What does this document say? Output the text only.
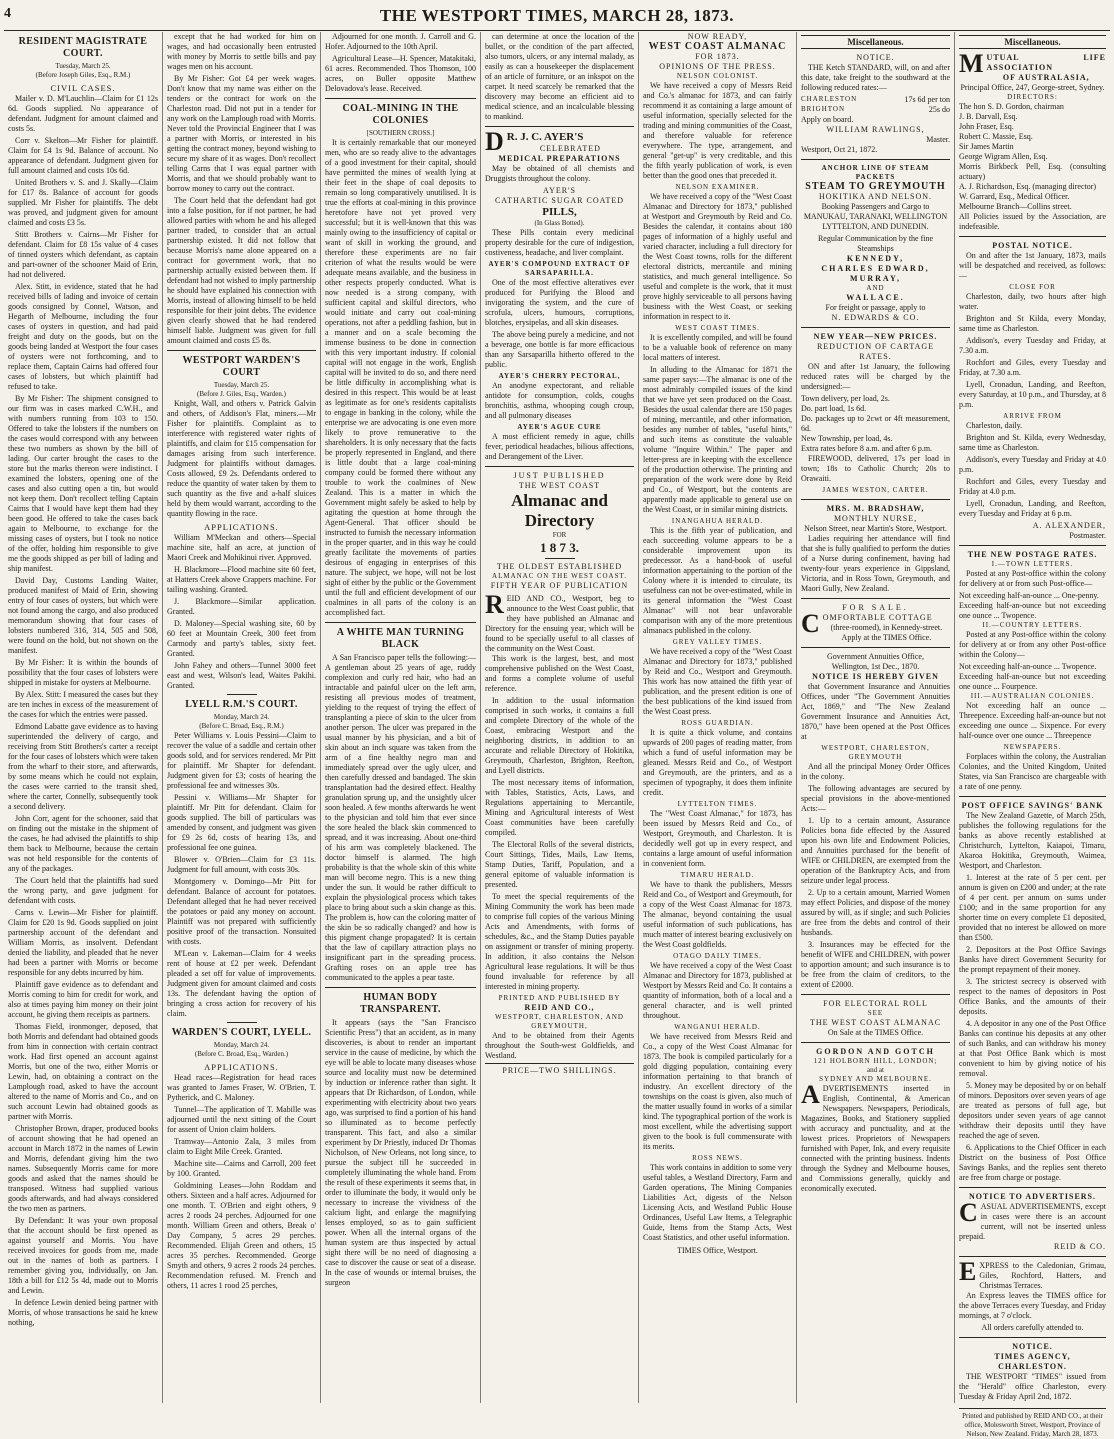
4	THE WESTPORT TIMES, MARCH 28, 1873.
RESIDENT MAGISTRATE COURT.
Tuesday, March 25.
(Before Joseph Giles, Esq., R.M.)
CIVIL CASES.

Mailer v. D. M'Lauchlin—Claim for £1 12s 6d. Goods supplied. No appearance of defendant. Judgment for amount claimed and costs 5s.

Corr v. Skelton—Mr Fisher for plaintiff. Claim for £4 1s 9d. Balance of account. No appearance of defendant. Judgment given for full amount claimed and costs 10s 6d.

United Brothers v. S. and J. Skally—Claim for £17 8s. Balance of account for goods supplied. Mr Fisher for plaintiffs. The debt was proved, and judgment given for amount claimed and costs £3 5s.

Stitt Brothers v. Cairns—Mr Fisher for defendant. Claim for £8 15s value of 4 cases of tinned oysters which defendant, as captain and part-owner of the schooner Maid of Erin, had not delivered.

Alex. Stitt, in evidence, stated that he had received bills of lading and invoice of certain goods consigned by Connel, Watson, and Hegarth of Melbourne, including the four cases of oysters in question, and had paid freight and duty on the goods, but on the goods being landed at Westport the four cases of oysters were not forthcoming, and to replace them, Captain Cairns had offered four cases of lobsters, but which plaintiff had refused to take.

By Mr Fisher: The shipment consigned to our firm was in cases marked C.W.H., and with numbers running from 103 to 150. Offered to take the lobsters if the numbers on the cases would correspond with any between these two numbers as shown by the bill of lading. Our carter brought the cases to the store but the marks thereon were indistinct. I examined the lobsters, opening one of the cases and also cutting open a tin, but would not keep them. Don't recollect telling Captain Cairns that I would have kept them had they been good. He offered to take the cases back again to Melbourne, to exchange for the missing cases of oysters, but I took no notice of the offer, holding him responsible to give me the goods shipped as per bill of lading and ship manifest.

David Day, Customs Landing Waiter, produced manifest of Maid of Erin, showing entry of four cases of oysters, but which were not found among the cargo, and also produced memorandum showing that four cases of lobsters numbered 316, 314, 505 and 508, were found on the hold, but not shown on the manifest.

By Mr Fisher: It is within the bounds of possibility that the four cases of lobsters were shipped in mistake for oysters at Melbourne.

By Alex. Stitt: I measured the cases but they are ten inches in excess of the measurement of the cases for which the entries were passed.

Edmond Labatte gave evidence as to having superintended the delivery of cargo, and receiving from Stitt Brothers's carter a receipt for the four cases of lobsters which were taken from the wharf to their store, and afterwards, by some means which he could not explain, the cases were carried to the transit shed, where the carter, Connelly, subsequently took a second delivery.

John Corr, agent for the schooner, said that on finding out the mistake in the shipment of the cases, he had advised the plaintiffs to ship them back to Melbourne, because the certain was not held responsible for the contents of any of the packages.

The Court held that the plaintiffs had sued the wrong party, and gave judgment for defendant with costs.

Carns v. Lewin—Mr Fisher for plaintiff. Claim for £20 1s 9d. Goods supplied on joint partnership account of the defendant and William Morris, as insolvent. Defendant denied the liability, and pleaded that he never had been a partner with Morris or become responsible for any debts incurred by him.

Plaintiff gave evidence as to defendant and Morris coming to him for credit for work, and also at times paying him money on their joint account, he giving them receipts as partners.

Thomas Field, ironmonger, deposed, that both Morris and defendant had obtained goods from him in connection with certain contract work. Had first opened an account against Morris, but one of the two, either Morris or Lewin, had, on obtaining a contract on the Lamplough road, asked to have the account altered to the name of Morris and Co., and on such account Lewin had obtained goods as partner with Morris.

Christopher Brown, draper, produced books of account showing that he had opened an account in March 1872 in the names of Lewin and Morris, defendant giving him the two names. Subsequently Morris came for more goods and asked that the names should be transposed. Witness had supplied various goods afterwards, and had always considered the two men as partners.

By Defendant: It was your own proposal that the account should be first opened as against yourself and Morris. You have received invoices for goods from me, made out in the names of both as partners. I remember giving you, individually, on Jan. 18th a bill for £12 5s 4d, made out to Morris and Lewin.

In defence Lewin denied being partner with Morris, of whose transactions he said he knew nothing,

except that he had worked for him on wages, and had occasionally been entrusted with money by Morris to settle bills and pay wages men on his account.

By Mr Fisher: Got £4 per week wages. Don't know that my name was either on the tenders or the contract for work on the Charleston road. Did not put in a tender for any work on the Lamplough road with Morris. Never told the Provincial Engineer that I was a partner with Morris, or interested in his getting the contract money, beyond wishing to secure my share of it as wages. Don't recollect telling Carns that I was equal partner with Morris, and that we should probably want to borrow money to carry out the contract.

The Court held that the defendant had got into a false position, for if not partner, he had allowed parties with whom he and his alleged partner traded, to consider that an actual partnership existed. It did not follow that because Morris's name alone appeared on a contract for government work, that no partnership actually existed between them. If defendant had not wished to imply partnership he should have explained his connection with Morris, instead of allowing himself to be held responsible for their joint debts. The evidence given clearly showed that he had rendered himself liable. Judgment was given for full amount claimed and costs £5 8s.

WESTPORT WARDEN'S COURT
Tuesday, March 25.
(Before J. Giles, Esq., Warden.)

Knight, Wall, and others v. Patrick Galvin and others, of Addison's Flat, miners.—Mr Fisher for plaintiffs. Complaint as to interference with registered water rights of plaintiffs, and claim for £15 compensation for damages arising from such interference. Judgment for plaintiffs without damages. Costs allowed, £9 2s. Defendants ordered to reduce the quantity of water taken by them to such quantity as the five and a-half sluices held by them would warrant, according to the quantity flowing in the race.

APPLICATIONS.

William M'Meckan and others—Special machine site, half an acre, at junction of Maori Creek and Mohikinui river. Approved.

H. Blackmore—Flood machine site 60 feet, at Hatters Creek above Crappers machine. For tailing washing. Granted.

J. Blackmore—Similar application. Granted.

D. Maloney—Special washing site, 60 by 60 feet at Mountain Creek, 300 feet from Carmody and party's tables, sixty feet. Granted.

John Fahey and others—Tunnel 3000 feet east and west, Wilson's lead, Waites Pakihi. Granted.

LYELL R.M.'S COURT.
Monday, March 24.
(Before C. Broad, Esq., R.M.)

Peter Williams v. Louis Pessini—Claim to recover the value of a saddle and certain other goods sold, and for services rendered. Mr Pitt for plaintiff. Mr Shapter for defendant. Judgment given for £3; costs of hearing the professional fee and witnesses 30s.

Pessini v. Williams—Mr Shapter for plaintiff. Mr Pitt for defendant. Claim for goods supplied. The bill of particulars was amended by consent, and judgment was given for £9 2s 6d, costs of hearing 13s, and professional fee one guinea.

Blower v. O'Brien—Claim for £3 11s. Judgment for full amount, with costs 30s.

Montgomery v. Domingo—Mr Pitt for defendant. Balance of account for potatoes. Defendant alleged that he had never received the potatoes or paid any money on account. Plaintiff was not prepared with sufficiently positive proof of the transaction. Nonsuited with costs.

M'Lean v. Lakeman—Claim for 4 weeks rent of house at £2 per week. Defendant pleaded a set off for value of improvements. Judgment given for amount claimed and costs 13s. The defendant having the option of bringing a cross action for recovery of his claim.

WARDEN'S COURT, LYELL.
Monday, March 24.
(Before C. Broad, Esq., Warden.)
APPLICATIONS.

Head races—Registration for head races was granted to James Fraser, W. O'Brien, T. Pytherick, and C. Maloney.

Tunnel—The application of T. Mabille was adjourned until the next sitting of the Court for assent of Union claim holders.

Tramway—Antonio Zala, 3 miles from claim to Eight Mile Creek. Granted.

Machine site—Cairns and Carroll, 200 feet by 100. Granted.

Goldmining Leases—John Roddam and others. Sixteen and a half acres. Adjourned for one month. T. O'Brien and eight others, 9 acres 2 roods 24 perches. Adjourned for one month. William Green and others, Break o' Day Company, 5 acres 29 perches. Recommended. Elijah Green and others, 15 acres 35 perches. Recommended. George Smyth and others, 9 acres 2 roods 24 perches. Recommendation refused. M. French and others, 11 acres 1 rood 25 perches,

Adjourned for one month. J. Carroll and G. Hofer. Adjourned to the 10th April.

Agricultural Lease—H. Spencer, Matakitaki, 61 acres. Recommended. Thos Thomson, 100 acres, on Buller opposite Matthew Delovadova's lease. Received.

COAL-MINING IN THE COLONIES
[SOUTHERN CROSS.]

It is certainly remarkable that our moneyed men, who are so ready alive to the advantages of a good investment for their capital, should have permitted the mines of wealth lying at their feet in the shape of coal deposits to remain so long comparatively unutilised. It is true the efforts at coal-mining in this province heretofore have not yet proved very successful; but it is well-known that this was mainly owing to the insufficiency of capital or want of skill in working the ground, and therefore these experiments are no fair criterion of what the results would be were adequate means available, and the business in other respects properly conducted. What is now needed is a strong company, with sufficient capital and skilful directors, who would initiate and carry out coal-mining operations, not after a peddling fashion, but in a manner and on a scale becoming the immense business to be done in connection with this very important industry. If colonial capital will not engage in the work, English capital will be invited to do so, and there need be little difficulty in accomplishing what is desired in this respect. This would be at least as legitimate as for one's residents capitalists to engage in banking in the colony, while the enterprise we are advocating is one even more likely to prove remunerative to the shareholders. It is only necessary that the facts be properly represented in England, and there is little doubt that a large coal-mining company could be formed there without any trouble to work the coalmines of New Zealand. This is a matter in which the Government might safely be asked to help by agitating the question at home through the Agent-General. That officer should be instructed to furnish the necessary information in the proper quarter, and in this way he could greatly facilitate the movements of parties desirous of engaging in enterprises of this nature. The subject, we hope, will not be lost sight of either by the public or the Government until the full and efficient development of our coalmines in all parts of the colony is an accomplished fact.

A WHITE MAN TURNING BLACK

A San Francisco paper tells the following:—A gentleman about 25 years of age, ruddy complexion and curly red hair, who had an intractable and painful ulcer on the left arm, resisting all previous modes of treatment, yielding to the request of trying the effect of transplanting a piece of skin to the ulcer from another person. The ulcer was prepared in the usual manner by his physician, and a bit of skin about an inch square was taken from the arm of a fine healthy negro man and immediately spread over the ugly ulcer, and then carefully dressed and bandaged. The skin transplantation had the desired effect. Healthy granulation sprung up, and the unsightly ulcer soon healed. A few months afterwards he went to the physician and told him that ever since the sore healed the black skin commenced to spread, and it was increasing. About one-third of his arm was completely blackened. The doctor himself is alarmed. The high probability is that the whole skin of this white man will become negro. This is a new thing under the sun. It would be rather difficult to explain the physiological process which takes place to bring about such a skin change as this. The problem is, how can the coloring matter of the skin be so radically changed? and how is this pigment change propagated? It is certain that the law of capillary attraction plays no insignificant part in the spreading process. Grafting roses on an apple tree has communicated to the apples a pear taste.

HUMAN BODY TRANSPARENT.

It appears (says the "San Francisco Scientific Press") that an accident, as in many discoveries, is about to render an important service in the cause of medicine, by which the eye will be able to locate many diseases whose source and locality must now be determined by induction or inference rather than sight. It appears that Dr Richardson, of London, while experimenting with electricity about two years ago, was surprised to find a portion of his hand so illuminated as to become perfectly transparent. This fact, and also a similar experiment by Dr Priestly, induced Dr Thomas Nicholson, of New Orleans, not long since, to pursue the subject till he succeeded in completely illuminating the whole hand. From the result of these experiments it seems that, in order to illuminate the body, it would only be necessary to increase the vividness of the calcium light, and enlarge the magnifying lenses employed, so as to gain sufficient power. When all the internal organs of the human system are thus inspected by actual sight there will be no need of diagnosing a case to discover the cause or seat of a disease. In the case of wounds or internal bruises, the surgeon

can determine at once the location of the bullet, or the condition of the part affected, also tumors, ulcers, or any internal malady, as easily as can a housekeeper the displacement of an article of furniture, or an inkspot on the carpet. It need scarcely be remarked that the discovery may become an efficient aid to medical science, and an incalculable blessing to mankind.

D R. J. C. AYER'S
CELEBRATED
MEDICAL PREPARATIONS

May be obtained of all chemists and Druggists throughout the colony.

AYER'S
CATHARTIC SUGAR COATED
PILLS,
(In Glass Botted).

These Pills contain every medicinal property desirable for the cure of indigestion, costiveness, headache, and liver complaint.

AYER'S COMPOUND EXTRACT OF SARSAPARILLA.

One of the most effective alteratives ever produced for Purifying the Blood and invigorating the system, and the cure of scrofula, ulcers, humours, corruptions, blotches, erysipelas, and all skin diseases.

The above being purely a medicine, and not a beverage, one bottle is far more efficacious than any Sarsaparilla hitherto offered to the public.

AYER'S CHERRY PECTORAL,

An anodyne expectorant, and reliable antidote for consumption, colds, coughs bronchitis, asthma, whooping cough croup, and all pulmonary diseases

AYER'S AGUE CURE

A most efficient remedy in ague, chills fever, periodical headaches, bilious affections, and Derangement of the Liver.

JUST PUBLISHED
THE WEST COAST
Almanac and Directory
FOR
1 8 7 3.
THE OLDEST ESTABLISHED
ALMANAC ON THE WEST COAST.
FIFTH YEAR OF PUBLICATION
R EID AND CO., Westport, beg to announce to the West Coast public, that they have published an Almanac and Directory for the ensuing year, which will be found to be specially useful to all classes of the community on the West Coast.

This work is the largest, best, and most comprehensive published on the West Coast, and forms a complete volume of useful reference.

In addition to the usual information comprised in such works, it contains a full and complete Directory of the whole of the Coast, embracing Westport and the neighboring districts, in addition to an accurate and reliable Directory of Hokitika, Greymouth, Charleston, Brighton, Reefton, and Lyell districts.

The most necessary items of information, with Tables, Statistics, Acts, Laws, and Regulations appertaining to Mercantile, Mining and Agricultural interests of West Coast communities have been carefully compiled.

The Electoral Rolls of the several districts, Court Sittings, Tides, Mails, Law Items, Stamp Duties, Tariff, Population, and a general epitome of valuable information is presented.

To meet the special requirements of the Mining Community the work has been made to comprise full copies of the various Mining Acts and Amendments, with forms of schedules, &c., and the Stamp Duties payable on assignment or transfer of mining property. In addition, it also contains the Nelson Agricultural lease regulations. It will be thus found invaluable for reference by all interested in mining property.

PRINTED AND PUBLISHED BY
REID AND CO.,
WESTPORT, CHARLESTON, AND
GREYMOUTH,

And to be obtained from their Agents throughout the South-west Goldfields, and Westland.

PRICE—TWO SHILLINGS.
NOW READY,
WEST COAST ALMANAC
FOR 1873.
OPINIONS OF THE PRESS.
NELSON COLONIST.

We have received a copy of Messrs Reid and Co.'s almanac for 1873, and can fairly recommend it as containing a large amount of useful information, specially selected for the trading and mining communities of the Coast, and therefore valuable for reference everywhere. The type, arrangement, and general "get-up" is very creditable, and this the fifth yearly publication of work, is even better than the good ones that preceded it.

NELSON EXAMINER.

We have received a copy of the "West Coast Almanac and Directory for 1873," published at Westport and Greymouth by Reid and Co. Besides the calendar, it contains about 180 pages of information of a highly useful and varied character, including a full directory for the West Coast towns, rolls for the different electoral districts, mercantile and mining statistics, and much general intelligence. So useful and complete is the work, that it must prove highly serviceable to all persons having business with the West Coast, or seeking information in respect to it.

WEST COAST TIMES.

It is excellently compiled, and will be found to be a valuable book of reference on many local matters of interest.

In alluding to the Almanac for 1871 the same paper says:—The almanac is one of the most admirably compiled issues of the kind that we have yet seen produced on the Coast. Besides the usual calendar there are 150 pages of mining, mercantile, and other information, besides any number of tables, "useful hints," and such items as constitute the valuable volume "Inquire Within." The paper and letter-press are in keeping with the excellence of the production otherwise. The printing and preparation of the work were done by Reid and Co., of Westport, but the contents are apparently made applicable to general use on the West Coast, or in similar mining districts.

INANGAHUA HERALD.

This is the fifth year of publication, and each succeeding volume appears to be a considerable improvement upon its predecessor. As a hand-book of useful information appertaining to the portion of the Colony where it is intended to circulate, its usefulness can not be over-estimated, while in its general information the "West Coast Almanac" will not bear unfavorable comparison with any of the more pretentious almanacs published in the colony.

GREY VALLEY TIMES.

We have received a copy of the "West Coast Almanac and Directory for 1873," published by Reid and Co., Westport and Greymouth. This work has now attained the fifth year of publication, and the present edition is one of the best publications of the kind issued from the West Coast press.

ROSS GUARDIAN.

It is quite a thick volume, and contains upwards of 200 pages of reading matter, from which a fund of useful information may be gleaned. Messrs Reid and Co., of Westport and Greymouth, are the printers, and as a specimen of typography, it does them infinite credit.

LYTTELTON TIMES.

The "West Coast Almanac," for 1873, has been issued by Messrs Reid and Co., of Westport, Greymouth, and Charleston. It is decidedly well got up in every respect, and contains a large amount of useful information in convenient form.

TIMARU HERALD.

We have to thank the publishers, Messrs Reid and Co., of Westport and Greymouth, for a copy of the West Coast Almanac for 1873. The almanac, beyond containing the usual useful information of such publications, has much matter of interest bearing exclusively on the West Coast goldfields.

OTAGO DAILY TIMES.

We have received a copy of the West Coast Almanac and Directory for 1873, published at Westport by Messrs Reid and Co. It contains a quantity of information, both of a local and a general character, and is well printed throughout.

WANGANUI HERALD.

We have received from Messrs Reid and Co., a copy of the West Coast Almanac for 1873. The book is compiled particularly for a gold digging population, containing every information pertaining to that branch of industry. An excellent directory of the townships on the coast is given, also much of the matter usually found in works of a similar kind. The typographical portion of the work is most excellent, while the advertising support given to the book is full commensurate with its merits.

ROSS NEWS.

This work contains in addition to some very useful tables, a Westland Directory, Farm and Garden operations, The Mining Companies Liabilities Act, digests of the Nelson Licensing Acts, and Westland Public House Ordinances, Useful Law Items, a Telegraphic Guide, Items from the Stamp Acts, West Coast Statistics, and other useful information.

TIMES Office, Westport.
Miscellaneous.
NOTICE.

THE Ketch STANDARD, will, on and after this date, take freight to the southward at the following reduced rates:—

CHARLESTON	17s 6d per ton
BRIGHTON	25s do
Apply on board.
WILLIAM RAWLINGS,
Master.
Westport, Oct 21, 1872.
ANCHOR LINE OF STEAM PACKETS
STEAM TO GREYMOUTH
HOKITIKA AND NELSON.

Booking Passengers and Cargo to MANUKAU, TARANAKI, WELLINGTON LYTTELTON, AND DUNEDIN.

Regular Communication by the fine Steamships
KENNEDY,
CHARLES EDWARD,
MURRAY,
AND
WALLACE.
For freight or passage, apply to
N. EDWARDS & CO.
NEW YEAR—NEW PRICES.
REDUCTION OF CARTAGE
RATES.

ON and after 1st January, the following reduced rates will be charged by the undersigned:—

Town delivery, per load, 2s.
Do. part load, 1s 6d.
Do. packages up to 2cwt or 4ft measurement, 6d.
New Township, per load, 4s.
Extra rates before 8 a.m. and after 6 p.m.

FIREWOOD, delivered, 17s per load in town; 18s to Catholic Church; 20s to Orawaiti.

JAMES WESTON, CARTER.
MRS. M. BRADSHAW,
MONTHLY NURSE,
Nelson Street, near Martin's Store, Westport.

Ladies requiring her attendance will find that she is fully qualified to perform the duties of a Nurse during confinement, having had twenty-four years experience in Gippsland, Victoria, and in Ross Town, Greymouth, and Maori Gully, New Zealand.

FOR SALE.
C OMFORTABLE COTTAGE
(three-roomed), in Kennedy-street.
Apply at the TIMES Office.
Government Annuities Office,
Wellington, 1st Dec., 1870.
NOTICE IS HEREBY GIVEN

that Government Insurance and Annuities Offices, under "The Government Annuities Act, 1869," and "The New Zealand Government Insurance and Annuities Act, 1870," have been opened at the Post Offices at

WESTPORT, CHARLESTON, GREYMOUTH

And all the principal Money Order Offices in the colony.

The following advantages are secured by special provisions in the above-mentioned Acts:—

1. Up to a certain amount, Assurance Policies bona fide effected by the Assured upon his own life and Endowment Policies, and Annuities purchased for the benefit of WIFE or CHILDREN, are exempted from the operation of the Bankruptcy Acts, and from seizure under legal process.

2. Up to a certain amount, Married Women may effect Policies, and dispose of the money assured by will, as if single; and such Policies are free from the debts and control of their husbands.

3. Insurances may be effected for the benefit of WIFE and CHILDREN, with power to apportion amount; and such insurance is to be free from the claim of creditors, to the extent of £2000.

FOR ELECTORAL ROLL
SEE
THE WEST COAST ALMANAC
On Sale at the TIMES Office.
GORDON AND GOTCH
121 HOLBORN HILL, LONDON;
and at
SYDNEY AND MELBOURNE.
A DVERTISEMENTS inserted in English, Continental, & American Newspapers. Newspapers, Periodicals, Magazines, Books, and Stationery supplied with accuracy and punctuality, and at the lowest prices. Proprietors of Newspapers furnished with Paper, Ink, and every requisite connected with the printing business. Indents through the Sydney and Melbourne houses, and Commissions generally, quickly and economically executed.
Miscellaneous.
M UTUAL LIFE ASSOCIATION
OF AUSTRALASIA,
Principal Office, 247, George-street, Sydney.
DIRECTORS:
The hon S. D. Gordon, chairman
J. B. Darvall, Esq.
John Fraser, Esq.
Robert C. Massie, Esq.
Sir James Martin
George Wigram Allen, Esq.
Morris Birkbeck Pell, Esq. (consulting actuary)
A. J. Richardson, Esq. (managing director)
W. Garrard, Esq., Medical Officer.
Melbourne Branch—Collins street.
All Policies issued by the Association, are indefeasible.
POSTAL NOTICE.

On and after the 1st January, 1873, mails will be despatched and received, as follows:—

CLOSE FOR

Charleston, daily, two hours after high water.

Brighton and St Kilda, every Monday, same time as Charleston.

Addison's, every Tuesday and Friday, at 7.30 a.m.

Rochfort and Giles, every Tuesday and Friday, at 7.30 a.m.

Lyell, Cronadun, Landing, and Reefton, every Saturday, at 10 p.m., and Thursday, at 8 p.m.

ARRIVE FROM

Charleston, daily.

Brighton and St. Kilda, every Wednesday, same time as Charleston.

Addison's, every Tuesday and Friday at 4.0 p.m.

Rochfort and Giles, every Tuesday and Friday at 4.0 p.m.

Lyell, Cronadun, Landing, and Reefton, every Tuesday and Friday at 6 p.m.

A. ALEXANDER,
Postmaster.
THE NEW POSTAGE RATES.
I.—TOWN LETTERS.

Posted at any Post-office within the colony for delivery at or from such Post-office—

Not exceeding half-an-ounce ... One-penny.
Exceeding half-an-ounce but not exceeding one ounce ... Twopence.
II.—COUNTRY LETTERS.

Posted at any Post-office within the colony for delivery at or from any other Post-office within the Colony—

Not exceeding half-an-ounce ... Twopence.
Exceeding half-an-ounce but not exceeding one ounce ... Fourpence.
III.—AUSTRALIAN COLONIES.

Not exceeding half an ounce ... Threepence. Exceeding half-an-ounce but not exceeding one ounce ... Sixpence. For every half-ounce over one ounce ... Threepence

NEWSPAPERS.

Forplaces within the colony, the Australian Colonies, and the United Kingdom, United States, via San Francisco are chargeable with a rate of one penny.

POST OFFICE SAVINGS' BANK

The New Zealand Gazette, of March 25th, publishes the following regulations for the banks as above recently established at Christchurch, Lyttelton, Kaiapoi, Timaru, Akaroa Hokitika, Greymouth, Waimea, Westport, and Charleston.

1. Interest at the rate of 5 per cent. per annum is given on £200 and under; at the rate of 4 per cent. per annum on sums under £100; and in the same proportion for any shorter time on every complete £1 deposited, provided that no interest be allowed on more than £500.

2. Depositors at the Post Office Savings Banks have direct Government Security for the prompt repayment of their money.

3. The strictest secrecy is observed with respect to the names of depositors in Post Office Banks, and the amounts of their deposits.

4. A depositor in any one of the Post Office Banks can continue his deposits at any other of such Banks, and can withdraw his money at that Post Office Bank which is most convenient to him by giving notice of his removal.

5. Money may be deposited by or on behalf of minors. Depositors over seven years of age are treated as persons of full age, but depositors under seven years of age cannot withdraw their deposits until they have reached the age of seven.

6. Applications to the Chief Officer in each District on the business of Post Office Savings Banks, and the replies sent thereto are free from charge or postage.

NOTICE TO ADVERTISERS.
C ASUAL ADVERTISEMENTS, except in cases were there is an account current, will not be inserted unless prepaid.
REID & CO.
E XPRESS to the Caledonian, Grimau, Giles, Rochford, Hatters, and Christmas Terraces.

An Express leaves the TIMES office for the above Terraces every Tuesday, and Friday mornings, at 7 o'clock.

All orders carefully attended to.
NOTICE.
TIMES AGENCY, CHARLESTON.

THE WESTPORT "TIMES" issued from the "Herald" office Charleston, every Tuesday & Friday April 2nd, 1872.

Printed and published by REID AND CO., at their office, Molesworth Street, Westport, Province of Nelson, New Zealand. Friday, March 28, 1873.
